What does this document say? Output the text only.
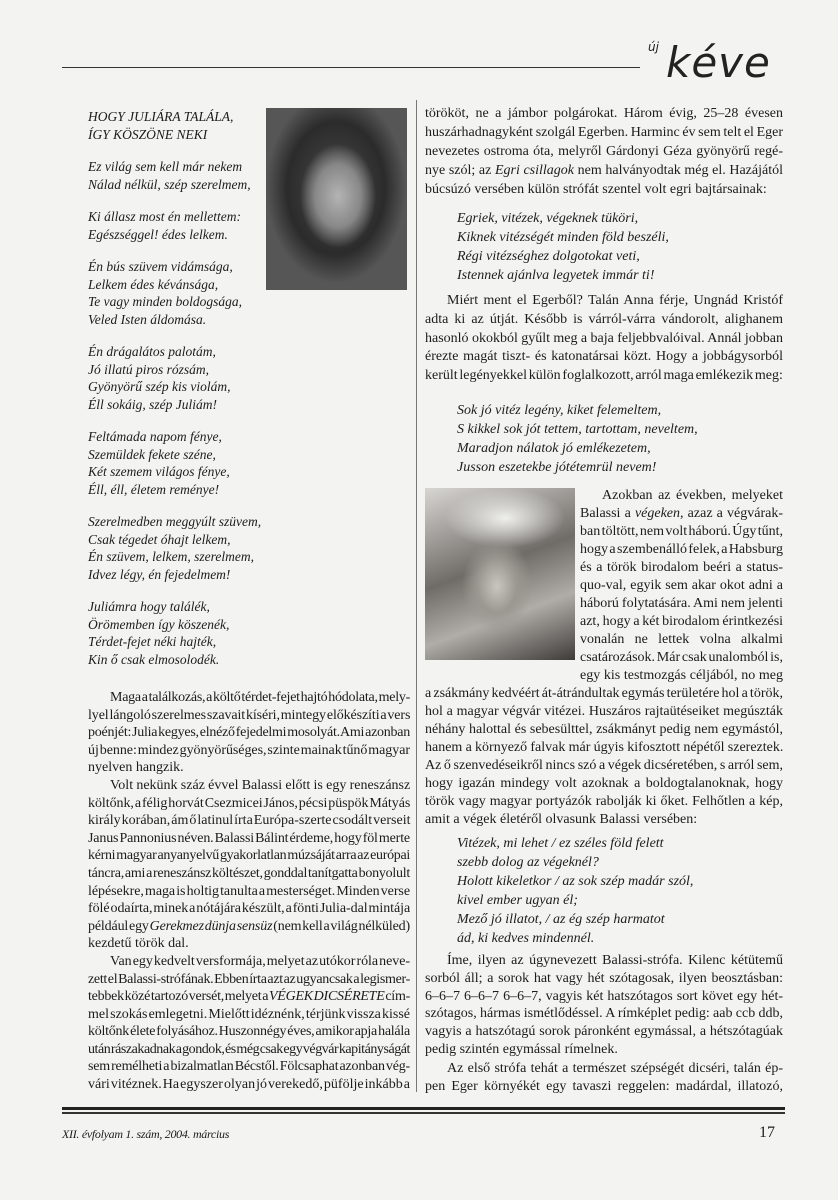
új kéve
HOGY JULIÁRA TALÁLA,
ÍGY KÖSZÖNE NEKI
Ez világ sem kell már nekem
Nálad nélkül, szép szerelmem,
Ki állasz most én mellettem:
Egészséggel! édes lelkem.
Én bús szüvem vidámsága,
Lelkem édes kévánsága,
Te vagy minden boldogsága,
Veled Isten áldomása.
Én drágalátos palotám,
Jó illatú piros rózsám,
Gyönyörű szép kis violám,
Éll sokáig, szép Juliám!
Feltámada napom fénye,
Szemüldek fekete széne,
Két szemem világos fénye,
Éll, éll, életem reménye!
Szerelmedben meggyúlt szüvem,
Csak tégedet óhajt lelkem,
Én szüvem, lelkem, szerelmem,
Idvez légy, én fejedelmem!
Juliámra hogy találék,
Örömemben így köszenék,
Térdet-fejet néki hajték,
Kin ő csak elmosolodék.
Maga a találkozás, a költő térdet-fejet hajtó hódolata, mely-
lyel lángoló szerelmes szavait kíséri, mintegy előkészíti a vers
poénjét: Julia kegyes, elnéző fejedelmi mosolyát. Ami azonban
új benne: mindez gyönyörűséges, szinte mainak tűnő magyar
nyelven hangzik.
Volt nekünk száz évvel Balassi előtt is egy reneszánsz
költőnk, a félig horvát Csezmicei János, pécsi püspök Mátyás
király korában, ám ő latinul írta Európa-szerte csodált verseit
Janus Pannonius néven. Balassi Bálint érdeme, hogy föl merte
kérni magyar anyanyelvű gyakorlatlan múzsáját arra az európai
táncra, ami a reneszánsz költészet, gonddal tanítgatta bonyolult
lépésekre, maga is holtig tanulta a mesterséget. Minden verse
fölé odaírta, minek a nótájára készült, a fönti Julia-dal mintája
például egy Gerekmez dünja sensüz (nem kell a világ nélküled)
kezdetű török dal.
Van egy kedvelt versformája, melyet az utókor róla neve-
zett el Balassi-strófának. Ebben írta azt az ugyancsak a legismer-
tebbek közé tartozó versét, melyet a VÉGEK DICSÉRETE cím-
mel szokás emlegetni. Mielőtt idéznénk, térjünk vissza kissé
költőnk élete folyásához. Huszonnégy éves, amikor apja halála
után rászakadnak a gondok, és még csak egy végvár kapitányságát
sem remélheti a bizalmatlan Bécstől. Fölcsaphat azonban vég-
vári vitéznek. Ha egyszer olyan jó verekedő, püfölje inkább a
törököt, ne a jámbor polgárokat. Három évig, 25–28 évesen
huszárhadnagyként szolgál Egerben. Harminc év sem telt el Eger
nevezetes ostroma óta, melyről Gárdonyi Géza gyönyörű regé-
nye szól; az Egri csillagok nem halványodtak még el. Hazájától
búcsúzó versében külön strófát szentel volt egri bajtársainak:
Egriek, vitézek, végeknek tüköri,
Kiknek vitézségét minden föld beszéli,
Régi vitézséghez dolgotokat veti,
Istennek ajánlva legyetek immár ti!
Miért ment el Egerből? Talán Anna férje, Ungnád Kristóf
adta ki az útját. Később is várról-várra vándorolt, alighanem
hasonló okokból gyűlt meg a baja feljebbvalóival. Annál jobban
érezte magát tiszt- és katonatársai közt. Hogy a jobbágysorból
került legényekkel külön foglalkozott, arról maga emlékezik meg:
Sok jó vitéz legény, kiket felemeltem,
S kikkel sok jót tettem, tartottam, neveltem,
Maradjon nálatok jó emlékezetem,
Jusson eszetekbe jótétemrül nevem!
Azokban az években, melyeket
Balassi a végeken, azaz a végvárak-
ban töltött, nem volt háború. Úgy tűnt,
hogy a szembenálló felek, a Habsburg
és a török birodalom beéri a status-
quo-val, egyik sem akar okot adni a
háború folytatására. Ami nem jelenti
azt, hogy a két birodalom érintkezési
vonalán ne lettek volna alkalmi
csatározások. Már csak unalomból is,
egy kis testmozgás céljából, no meg
a zsákmány kedvéért át-átrándultak egymás területére hol a török,
hol a magyar végvár vitézei. Huszáros rajtaütéseiket megúszták
néhány halottal és sebesülttel, zsákmányt pedig nem egymástól,
hanem a környező falvak már úgyis kifosztott népétől szereztek.
Az ő szenvedéseikről nincs szó a végek dicséretében, s arról sem,
hogy igazán mindegy volt azoknak a boldogtalanoknak, hogy
török vagy magyar portyázók rabolják ki őket. Felhőtlen a kép,
amit a végek életéről olvasunk Balassi versében:
Vitézek, mi lehet / ez széles föld felett
szebb dolog az végeknél?
Holott kikeletkor / az sok szép madár szól,
kivel ember ugyan él;
Mező jó illatot, / az ég szép harmatot
ád, ki kedves mindennél.
Íme, ilyen az úgynevezett Balassi-strófa. Kilenc kétütemű
sorból áll; a sorok hat vagy hét szótagosak, ilyen beosztásban:
6–6–7 6–6–7 6–6–7, vagyis két hatszótagos sort követ egy hét-
szótagos, hármas ismétlődéssel. A rímképlet pedig: aab ccb ddb,
vagyis a hatszótagú sorok páronként egymással, a hétszótagúak
pedig szintén egymással rímelnek.
Az első strófa tehát a természet szépségét dicséri, talán ép-
pen Eger környékét egy tavaszi reggelen: madárdal, illatozó,
XII. évfolyam 1. szám, 2004. március	17
